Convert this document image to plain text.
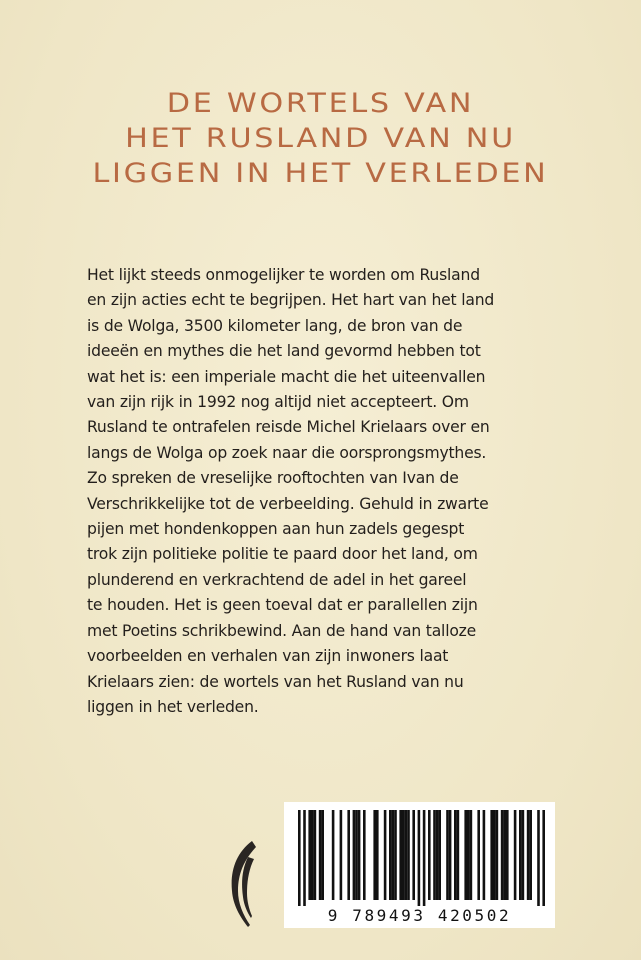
DE WORTELS VAN
HET RUSLAND VAN NU
LIGGEN IN HET VERLEDEN
Het lijkt steeds onmogelijker te worden om Rusland
en zijn acties echt te begrijpen. Het hart van het land
is de Wolga, 3500 kilometer lang, de bron van de
ideeën en mythes die het land gevormd hebben tot
wat het is: een imperiale macht die het uiteenvallen
van zijn rijk in 1992 nog altijd niet accepteert. Om
Rusland te ontrafelen reisde Michel Krielaars over en
langs de Wolga op zoek naar die oorsprongsmythes.
Zo spreken de vreselijke rooftochten van Ivan de
Verschrikkelijke tot de verbeelding. Gehuld in zwarte
pijen met hondenkoppen aan hun zadels gegespt
trok zijn politieke politie te paard door het land, om
plunderend en verkrachtend de adel in het gareel
te houden. Het is geen toeval dat er parallellen zijn
met Poetins schrikbewind. Aan de hand van talloze
voorbeelden en verhalen van zijn inwoners laat
Krielaars zien: de wortels van het Rusland van nu
liggen in het verleden.
9 789493 420502
